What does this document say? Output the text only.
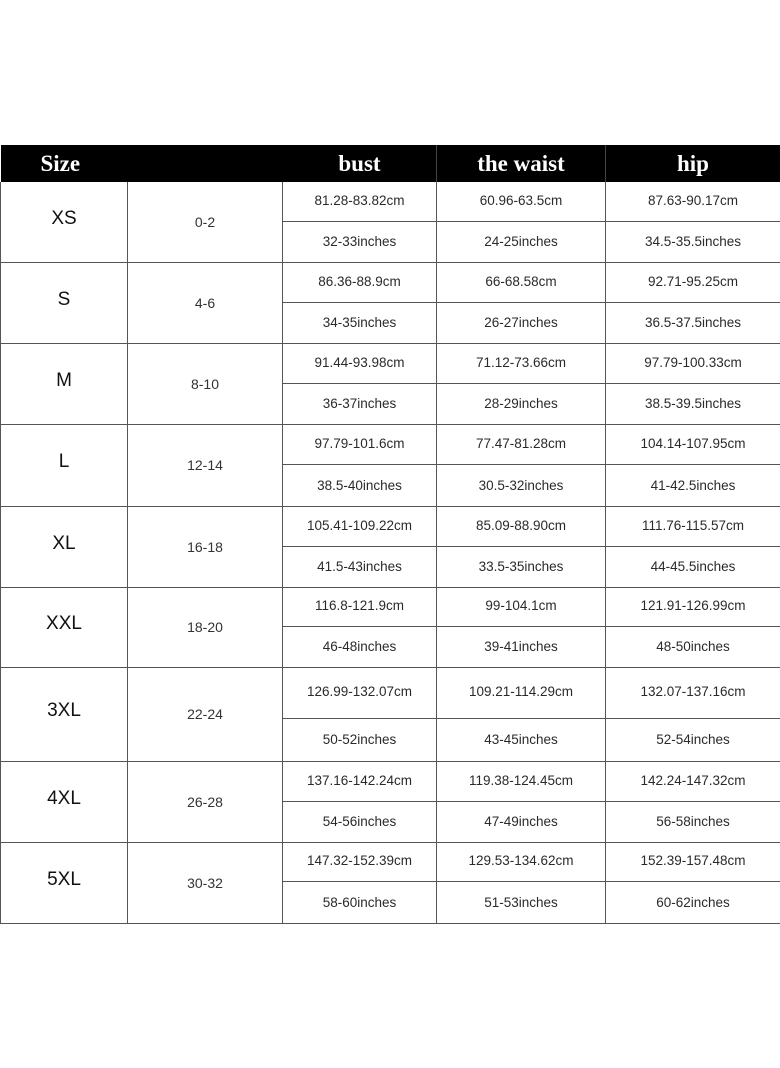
Size		bust	the waist	hip
XS	0-2	81.28-83.82cm	60.96-63.5cm	87.63-90.17cm
		32-33inches	24-25inches	34.5-35.5inches
S	4-6	86.36-88.9cm	66-68.58cm	92.71-95.25cm
		34-35inches	26-27inches	36.5-37.5inches
M	8-10	91.44-93.98cm	71.12-73.66cm	97.79-100.33cm
		36-37inches	28-29inches	38.5-39.5inches
L	12-14	97.79-101.6cm	77.47-81.28cm	104.14-107.95cm
		38.5-40inches	30.5-32inches	41-42.5inches
XL	16-18	105.41-109.22cm	85.09-88.90cm	111.76-115.57cm
		41.5-43inches	33.5-35inches	44-45.5inches
XXL	18-20	116.8-121.9cm	99-104.1cm	121.91-126.99cm
		46-48inches	39-41inches	48-50inches
3XL	22-24	126.99-132.07cm	109.21-114.29cm	132.07-137.16cm
		50-52inches	43-45inches	52-54inches
4XL	26-28	137.16-142.24cm	119.38-124.45cm	142.24-147.32cm
		54-56inches	47-49inches	56-58inches
5XL	30-32	147.32-152.39cm	129.53-134.62cm	152.39-157.48cm
		58-60inches	51-53inches	60-62inches
